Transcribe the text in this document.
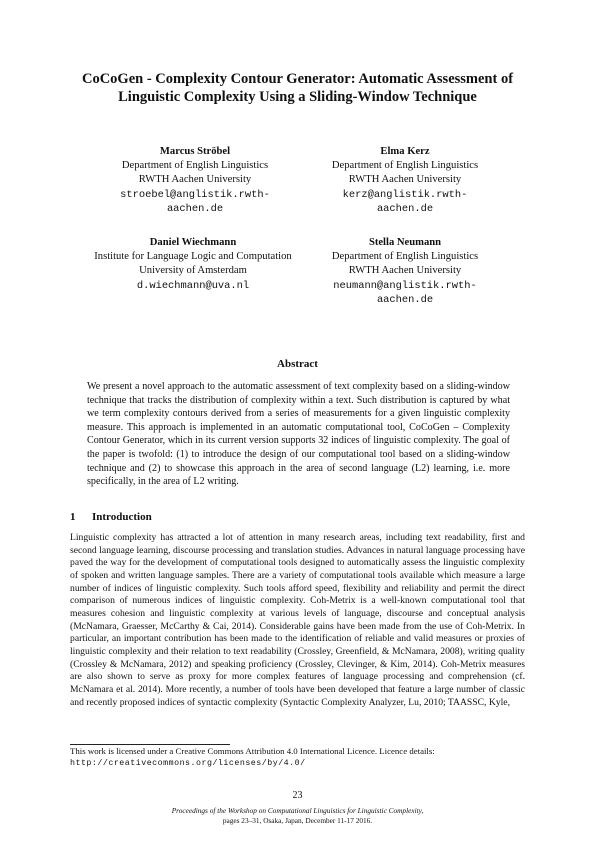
CoCoGen - Complexity Contour Generator: Automatic Assessment of
Linguistic Complexity Using a Sliding-Window Technique
Marcus Ströbel
Department of English Linguistics
RWTH Aachen University
stroebel@anglistik.rwth-
aachen.de
Elma Kerz
Department of English Linguistics
RWTH Aachen University
kerz@anglistik.rwth-
aachen.de
Daniel Wiechmann
Institute for Language Logic and Computation
University of Amsterdam
d.wiechmann@uva.nl
Stella Neumann
Department of English Linguistics
RWTH Aachen University
neumann@anglistik.rwth-
aachen.de
Abstract

We present a novel approach to the automatic assessment of text complexity based on a sliding-window technique that tracks the distribution of complexity within a text. Such distribution is captured by what we term complexity contours derived from a series of measurements for a given linguistic complexity measure. This approach is implemented in an automatic computational tool, CoCoGen – Complexity Contour Generator, which in its current version supports 32 indices of linguistic complexity. The goal of the paper is twofold: (1) to introduce the design of our computational tool based on a sliding-window technique and (2) to showcase this approach in the area of second language (L2) learning, i.e. more specifically, in the area of L2 writing.

1 Introduction

Linguistic complexity has attracted a lot of attention in many research areas, including text readability, first and second language learning, discourse processing and translation studies. Advances in natural language processing have paved the way for the development of computational tools designed to automatically assess the linguistic complexity of spoken and written language samples. There are a variety of computational tools available which measure a large number of indices of linguistic complexity. Such tools afford speed, flexibility and reliability and permit the direct comparison of numerous indices of linguistic complexity. Coh-Metrix is a well-known computational tool that measures cohesion and linguistic complexity at various levels of language, discourse and conceptual analysis (McNamara, Graesser, McCarthy & Cai, 2014). Considerable gains have been made from the use of Coh-Metrix. In particular, an important contribution has been made to the identification of reliable and valid measures or proxies of linguistic complexity and their relation to text readability (Crossley, Greenfield, & McNamara, 2008), writing quality (Crossley & McNamara, 2012) and speaking proficiency (Crossley, Clevinger, & Kim, 2014). Coh-Metrix measures are also shown to serve as proxy for more complex features of language processing and comprehension (cf. McNamara et al. 2014). More recently, a number of tools have been developed that feature a large number of classic and recently proposed indices of syntactic complexity (Syntactic Complexity Analyzer, Lu, 2010; TAASSC, Kyle,

This work is licensed under a Creative Commons Attribution 4.0 International Licence. Licence details:
http://creativecommons.org/licenses/by/4.0/
23
Proceedings of the Workshop on Computational Linguistics for Linguistic Complexity,
pages 23–31, Osaka, Japan, December 11-17 2016.
